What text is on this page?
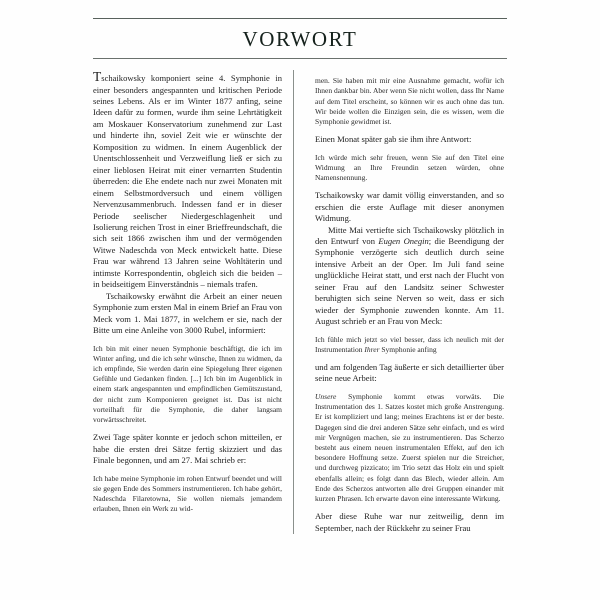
VORWORT

Tschaikowsky komponiert seine 4. Symphonie in einer besonders angespannten und kritischen Periode seines Lebens. Als er im Winter 1877 anfing, seine Ideen dafür zu formen, wurde ihm seine Lehrtätigkeit am Moskauer Konservatorium zunehmend zur Last und hinderte ihn, soviel Zeit wie er wünschte der Komposition zu widmen. In einem Augenblick der Unentschlossenheit und Verzweiflung ließ er sich zu einer lieblosen Heirat mit einer vernarrten Studentin überreden: die Ehe endete nach nur zwei Monaten mit einem Selbstmordversuch und einem völligen Nervenzusammenbruch. Indessen fand er in dieser Periode seelischer Niedergeschlagenheit und Isolierung reichen Trost in einer Brieffreundschaft, die sich seit 1866 zwischen ihm und der vermögenden Witwe Nadeschda von Meck entwickelt hatte. Diese Frau war während 13 Jahren seine Wohltäterin und intimste Korrespondentin, obgleich sich die beiden – in beidseitigem Einverständnis – niemals trafen.

Tschaikowsky erwähnt die Arbeit an einer neuen Symphonie zum ersten Mal in einem Brief an Frau von Meck vom 1. Mai 1877, in welchem er sie, nach der Bitte um eine Anleihe von 3000 Rubel, informiert:

Ich bin mit einer neuen Symphonie beschäftigt, die ich im Winter anfing, und die ich sehr wünsche, Ihnen zu widmen, da ich empfinde, Sie werden darin eine Spiegelung Ihrer eigenen Gefühle und Gedanken finden. [...] Ich bin im Augenblick in einem stark angespannten und empfindlichen Gemütszustand, der nicht zum Komponieren geeignet ist. Das ist nicht vorteilhaft für die Symphonie, die daher langsam vorwärtsschreitet.

Zwei Tage später konnte er jedoch schon mitteilen, er habe die ersten drei Sätze fertig skizziert und das Finale begonnen, und am 27. Mai schrieb er:

Ich habe meine Symphonie im rohen Entwurf beendet und will sie gegen Ende des Sommers instrumentieren. Ich habe gehört, Nadeschda Filaretowna, Sie wollen niemals jemandem erlauben, Ihnen ein Werk zu wid-

men. Sie haben mit mir eine Ausnahme gemacht, wofür ich Ihnen dankbar bin. Aber wenn Sie nicht wollen, dass Ihr Name auf dem Titel erscheint, so können wir es auch ohne das tun. Wir beide wollen die Einzigen sein, die es wissen, wem die Symphonie gewidmet ist.

Einen Monat später gab sie ihm ihre Antwort:

Ich würde mich sehr freuen, wenn Sie auf den Titel eine Widmung an Ihre Freundin setzen würden, ohne Namensnennung.

Tschaikowsky war damit völlig einverstanden, and so erschien die erste Auflage mit dieser anonymen Widmung.

Mitte Mai vertiefte sich Tschaikowsky plötzlich in den Entwurf von Eugen Onegin; die Beendigung der Symphonie verzögerte sich deutlich durch seine intensive Arbeit an der Oper. Im Juli fand seine unglückliche Heirat statt, und erst nach der Flucht von seiner Frau auf den Landsitz seiner Schwester beruhigten sich seine Nerven so weit, dass er sich wieder der Symphonie zuwenden konnte. Am 11. August schrieb er an Frau von Meck:

Ich fühle mich jetzt so viel besser, dass ich neulich mit der Instrumentation Ihrer Symphonie anfing

und am folgenden Tag äußerte er sich detaillierter über seine neue Arbeit:

Unsere Symphonie kommt etwas vorwäts. Die Instrumentation des 1. Satzes kostet mich große Anstrengung. Er ist kompliziert und lang; meines Erachtens ist er der beste. Dagegen sind die drei anderen Sätze sehr einfach, und es wird mir Vergnügen machen, sie zu instrumentieren. Das Scherzo besteht aus einem neuen instrumentalen Effekt, auf den ich besondere Hoffnung setze. Zuerst spielen nur die Streicher, und durchweg pizzicato; im Trio setzt das Holz ein und spielt ebenfalls allein; es folgt dann das Blech, wieder allein. Am Ende des Scherzos antworten alle drei Gruppen einander mit kurzen Phrasen. Ich erwarte davon eine interessante Wirkung.

Aber diese Ruhe war nur zeitweilig, denn im September, nach der Rückkehr zu seiner Frau
